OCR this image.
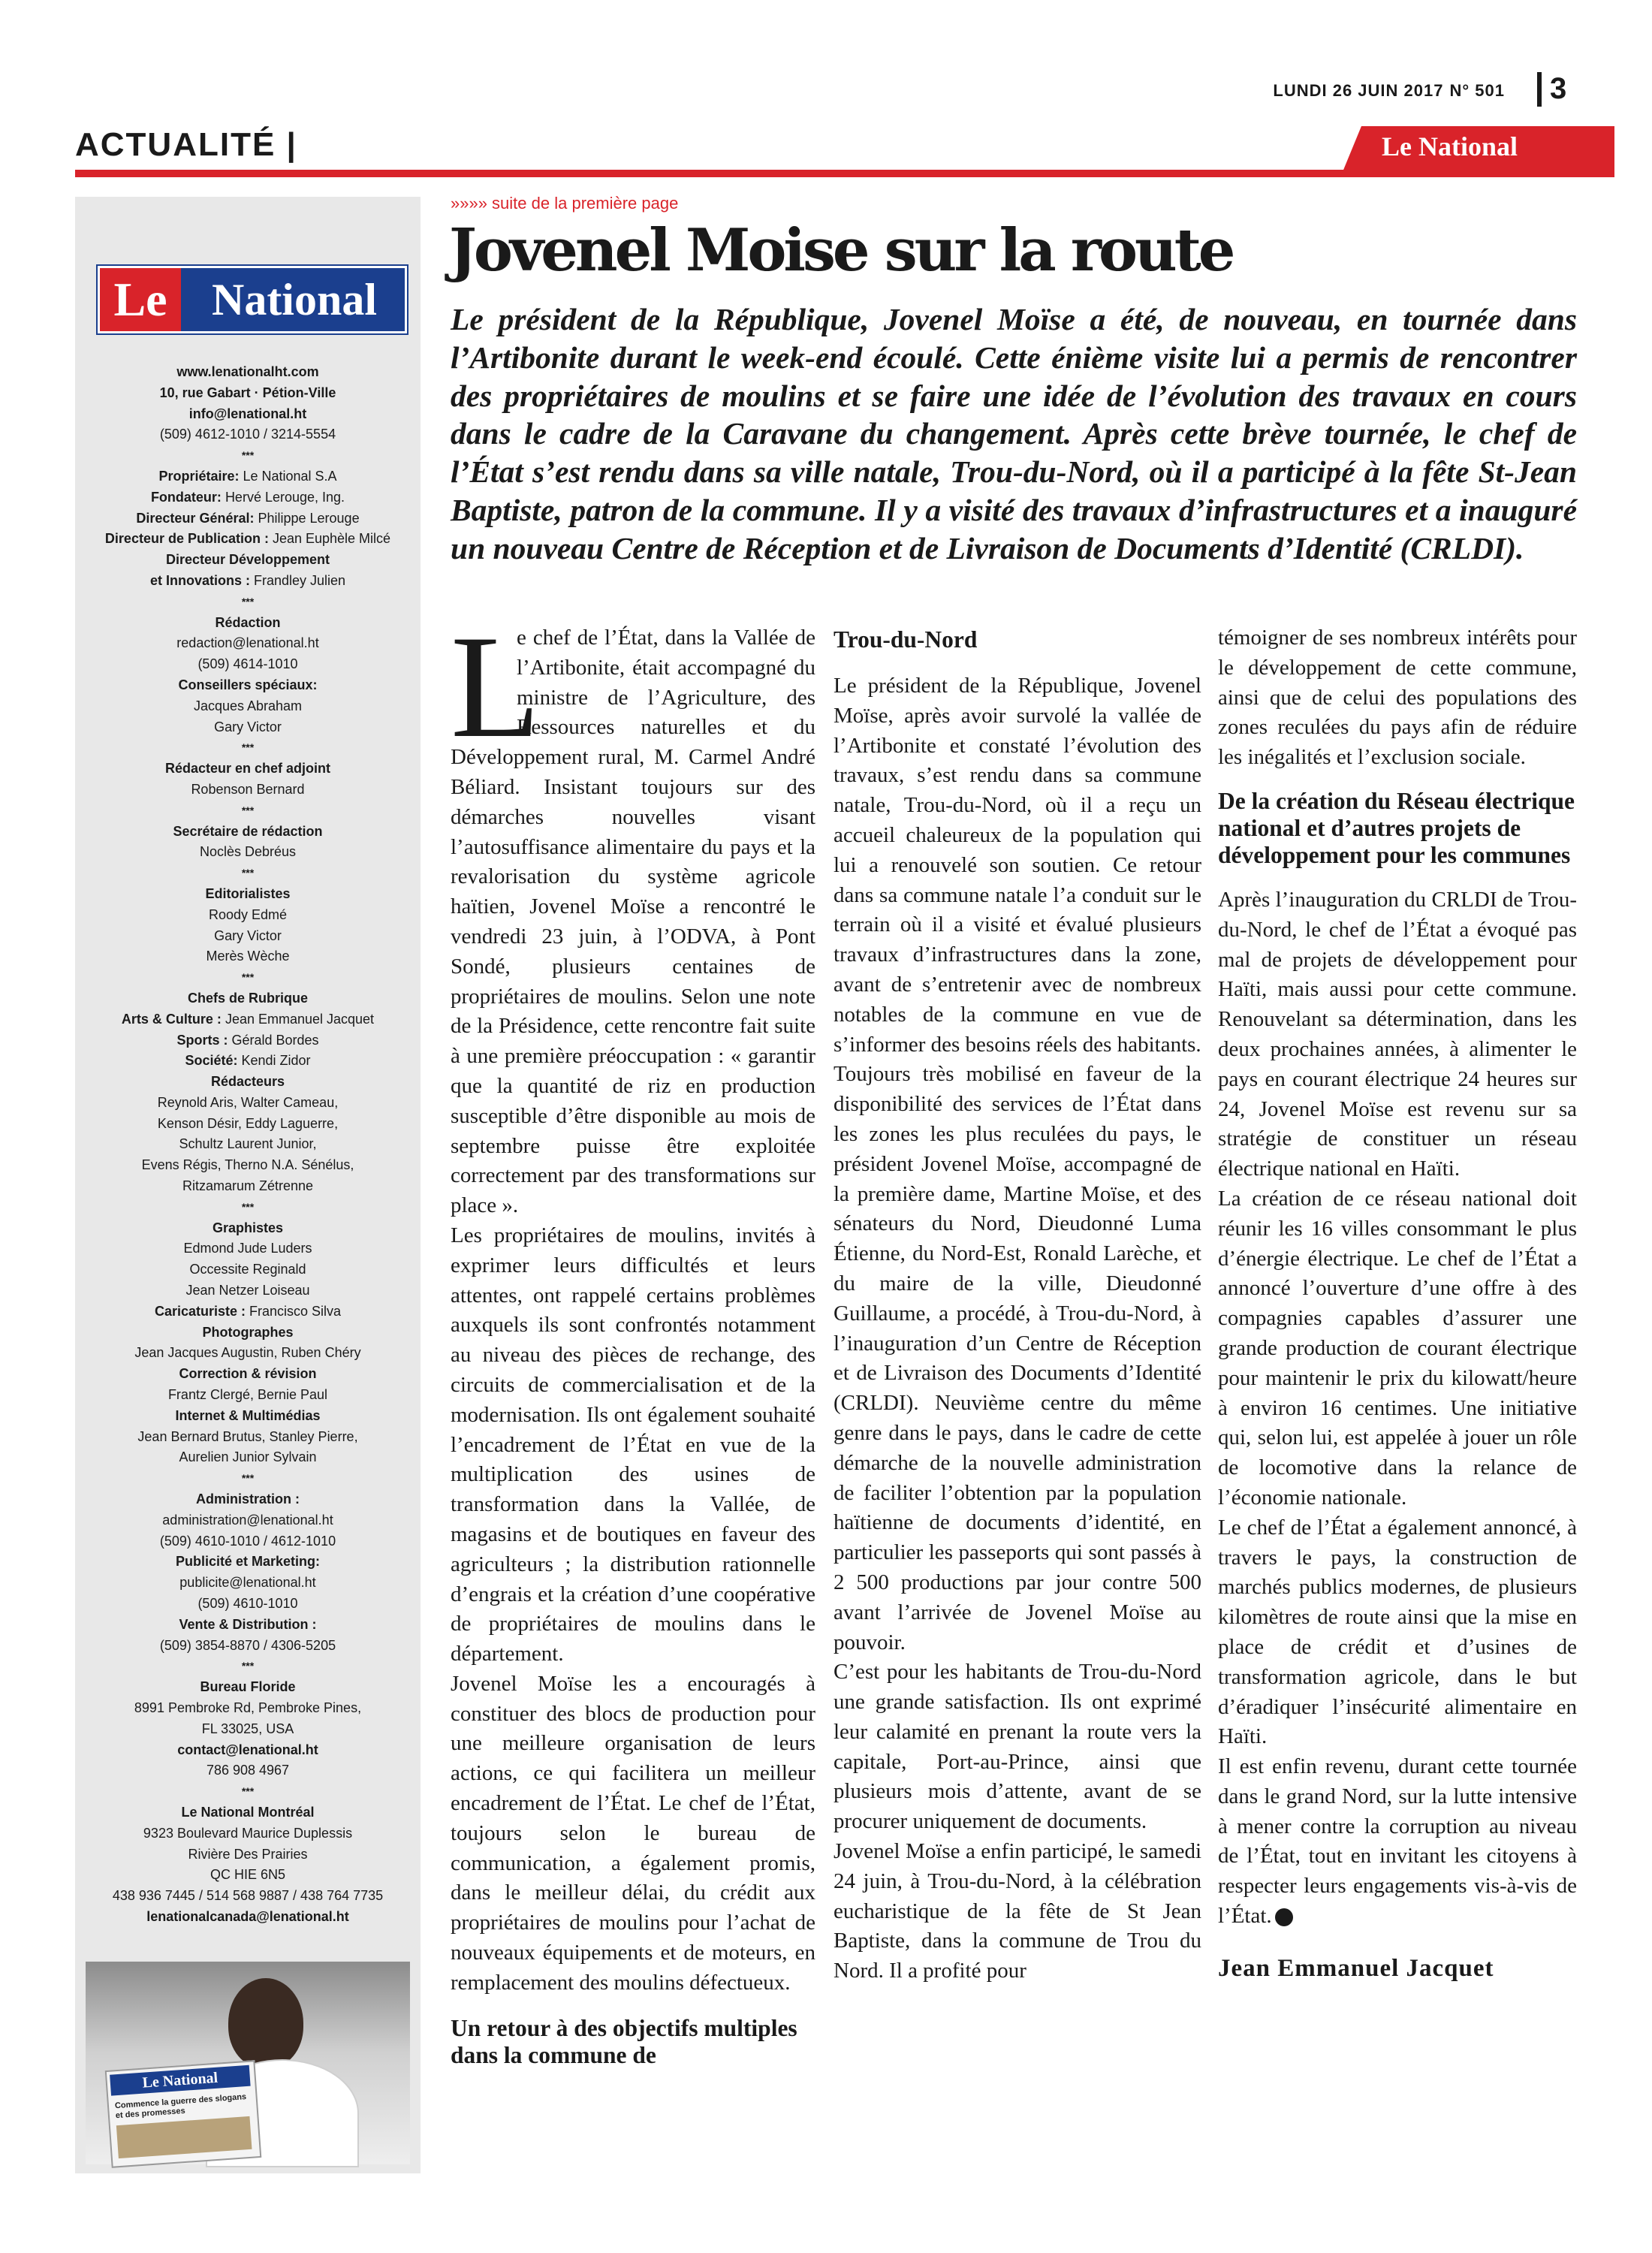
LUNDI 26 JUIN 2017 N° 501 3
ACTUALITÉ |	Le National
Le National
www.lenationalht.com
10, rue Gabart · Pétion-Ville
info@lenational.ht
(509) 4612-1010 / 3214-5554
***
Propriétaire: Le National S.A
Fondateur: Hervé Lerouge, Ing.
Directeur Général: Philippe Lerouge
Directeur de Publication : Jean Euphèle Milcé
Directeur Développement
et Innovations : Frandley Julien
***
Rédaction
redaction@lenational.ht
(509) 4614-1010
Conseillers spéciaux:
Jacques Abraham
Gary Victor
***
Rédacteur en chef adjoint
Robenson Bernard
***
Secrétaire de rédaction
Noclès Debréus
***
Editorialistes
Roody Edmé
Gary Victor
Merès Wèche
***
Chefs de Rubrique
Arts & Culture : Jean Emmanuel Jacquet
Sports : Gérald Bordes
Société: Kendi Zidor
Rédacteurs
Reynold Aris, Walter Cameau,
Kenson Désir, Eddy Laguerre,
Schultz Laurent Junior,
Evens Régis, Therno N.A. Sénélus,
Ritzamarum Zétrenne
***
Graphistes
Edmond Jude Luders
Occessite Reginald
Jean Netzer Loiseau
Caricaturiste : Francisco Silva
Photographes
Jean Jacques Augustin, Ruben Chéry
Correction & révision
Frantz Clergé, Bernie Paul
Internet & Multimédias
Jean Bernard Brutus, Stanley Pierre,
Aurelien Junior Sylvain
***
Administration :
administration@lenational.ht
(509) 4610-1010 / 4612-1010
Publicité et Marketing:
publicite@lenational.ht
(509) 4610-1010
Vente & Distribution :
(509) 3854-8870 / 4306-5205
***
Bureau Floride
8991 Pembroke Rd, Pembroke Pines,
FL 33025, USA
contact@lenational.ht
786 908 4967
***
Le National Montréal
9323 Boulevard Maurice Duplessis
Rivière Des Prairies
QC HIE 6N5
438 936 7445 / 514 568 9887 / 438 764 7735
lenationalcanada@lenational.ht
Le National
Commence la guerre des slogans et des promesses
»»»» suite de la première page
Jovenel Moise sur la route
Le président de la République, Jovenel Moïse a été, de nouveau, en tournée dans l’Artibonite durant le week-end écoulé. Cette énième visite lui a permis de rencontrer des propriétaires de moulins et se faire une idée de l’évolution des travaux en cours dans le cadre de la Caravane du changement. Après cette brève tournée, le chef de l’État s’est rendu dans sa ville natale, Trou-du-Nord, où il a participé à la fête St-Jean Baptiste, patron de la commune. Il y a visité des travaux d’infrastructures et a inauguré un nouveau Centre de Réception et de Livraison de Documents d’Identité (CRLDI).

L
e chef de l’État, dans la Vallée de l’Artibonite, était accompagné du ministre de l’Agriculture, des Ressources naturelles et du Développement rural, M. Carmel André Béliard. Insistant toujours sur des démarches nouvelles visant l’autosuffisance alimentaire du pays et la revalorisation du système agricole haïtien, Jovenel Moïse a rencontré le vendredi 23 juin, à l’ODVA, à Pont Sondé, plusieurs centaines de propriétaires de moulins. Selon une note de la Présidence, cette rencontre fait suite à une première préoccupation : « garantir que la quantité de riz en production susceptible d’être disponible au mois de septembre puisse être exploitée correctement par des transformations sur place ».

Les propriétaires de moulins, invités à exprimer leurs difficultés et leurs attentes, ont rappelé certains problèmes auxquels ils sont confrontés notamment au niveau des pièces de rechange, des circuits de commercialisation et de la modernisation. Ils ont également souhaité l’encadrement de l’État en vue de la multiplication des usines de transformation dans la Vallée, de magasins et de boutiques en faveur des agriculteurs ; la distribution rationnelle d’engrais et la création d’une coopérative de propriétaires de moulins dans le département.

Jovenel Moïse les a encouragés à constituer des blocs de production pour une meilleure organisation de leurs actions, ce qui facilitera un meilleur encadrement de l’État. Le chef de l’État, toujours selon le bureau de communication, a également promis, dans le meilleur délai, du crédit aux propriétaires de moulins pour l’achat de nouveaux équipements et de moteurs, en remplacement des moulins défectueux.

Un retour à des objectifs multiples dans la commune de
Trou-du-Nord

Le président de la République, Jovenel Moïse, après avoir survolé la vallée de l’Artibonite et constaté l’évolution des travaux, s’est rendu dans sa commune natale, Trou-du-Nord, où il a reçu un accueil chaleureux de la population qui lui a renouvelé son soutien. Ce retour dans sa commune natale l’a conduit sur le terrain où il a visité et évalué plusieurs travaux d’infrastructures dans la zone, avant de s’entretenir avec de nombreux notables de la commune en vue de s’informer des besoins réels des habitants.

Toujours très mobilisé en faveur de la disponibilité des services de l’État dans les zones les plus reculées du pays, le président Jovenel Moïse, accompagné de la première dame, Martine Moïse, et des sénateurs du Nord, Dieudonné Luma Étienne, du Nord-Est, Ronald Larèche, et du maire de la ville, Dieudonné Guillaume, a procédé, à Trou-du-Nord, à l’inauguration d’un Centre de Réception et de Livraison des Documents d’Identité (CRLDI). Neuvième centre du même genre dans le pays, dans le cadre de cette démarche de la nouvelle administration de faciliter l’obtention par la population haïtienne de documents d’identité, en particulier les passeports qui sont passés à 2 500 productions par jour contre 500 avant l’arrivée de Jovenel Moïse au pouvoir.

C’est pour les habitants de Trou-du-Nord une grande satisfaction. Ils ont exprimé leur calamité en prenant la route vers la capitale, Port-au-Prince, ainsi que plusieurs mois d’attente, avant de se procurer uniquement de documents.

Jovenel Moïse a enfin participé, le samedi 24 juin, à Trou-du-Nord, à la célébration eucharistique de la fête de St Jean Baptiste, dans la commune de Trou du Nord. Il a profité pour

témoigner de ses nombreux intérêts pour le développement de cette commune, ainsi que de celui des populations des zones reculées du pays afin de réduire les inégalités et l’exclusion sociale.

De la création du Réseau électrique national et d’autres projets de développement pour les communes

Après l’inauguration du CRLDI de Trou-du-Nord, le chef de l’État a évoqué pas mal de projets de développement pour Haïti, mais aussi pour cette commune. Renouvelant sa détermination, dans les deux prochaines années, à alimenter le pays en courant électrique 24 heures sur 24, Jovenel Moïse est revenu sur sa stratégie de constituer un réseau électrique national en Haïti.

La création de ce réseau national doit réunir les 16 villes consommant le plus d’énergie électrique. Le chef de l’État a annoncé l’ouverture d’une offre à des compagnies capables d’assurer une grande production de courant électrique pour maintenir le prix du kilowatt/heure à environ 16 centimes. Une initiative qui, selon lui, est appelée à jouer un rôle de locomotive dans la relance de l’économie nationale.

Le chef de l’État a également annoncé, à travers le pays, la construction de marchés publics modernes, de plusieurs kilomètres de route ainsi que la mise en place de crédit et d’usines de transformation agricole, dans le but d’éradiquer l’insécurité alimentaire en Haïti.

Il est enfin revenu, durant cette tournée dans le grand Nord, sur la lutte intensive à mener contre la corruption au niveau de l’État, tout en invitant les citoyens à respecter leurs engagements vis-à-vis de l’État.

Jean Emmanuel Jacquet
